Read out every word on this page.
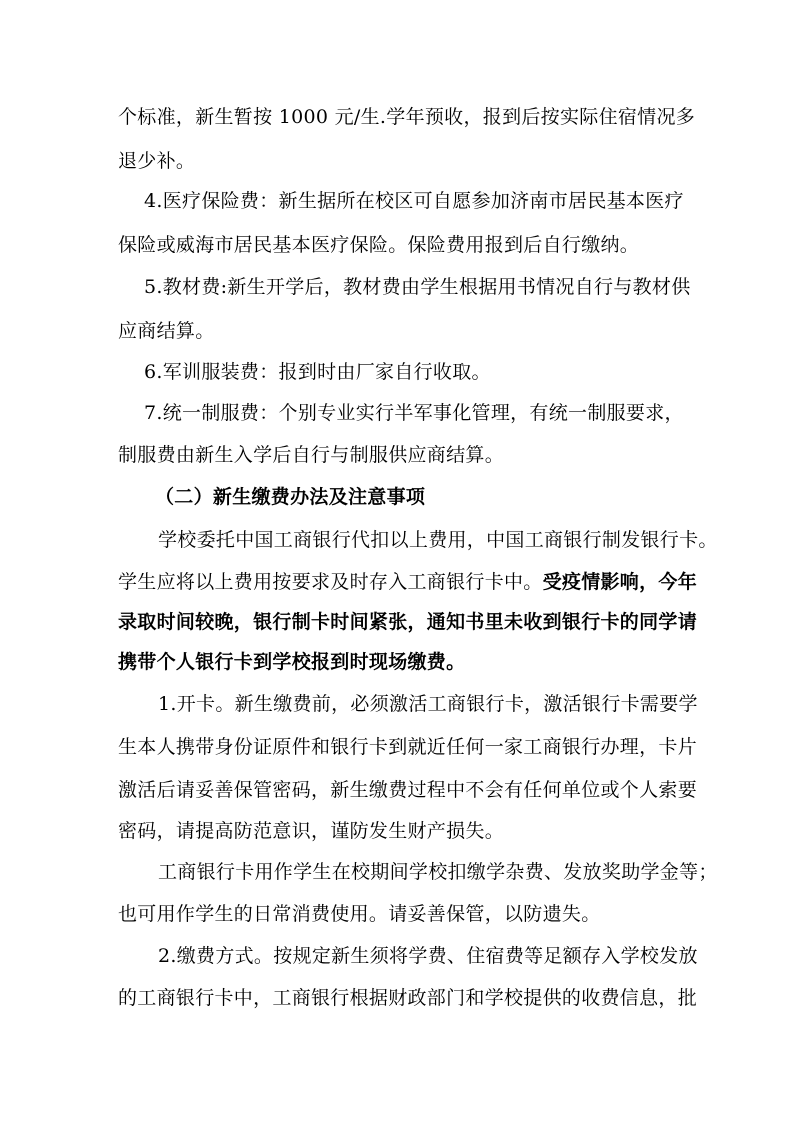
个标准，新生暂按 1000 元/生.学年预收，报到后按实际住宿情况多
退少补。
4.医疗保险费：新生据所在校区可自愿参加济南市居民基本医疗
保险或威海市居民基本医疗保险。保险费用报到后自行缴纳。
5.教材费:新生开学后，教材费由学生根据用书情况自行与教材供
应商结算。
6.军训服装费：报到时由厂家自行收取。
7.统一制服费：个别专业实行半军事化管理，有统一制服要求，
制服费由新生入学后自行与制服供应商结算。
（二）新生缴费办法及注意事项
学校委托中国工商银行代扣以上费用，中国工商银行制发银行卡。
学生应将以上费用按要求及时存入工商银行卡中。受疫情影响，今年
录取时间较晚，银行制卡时间紧张，通知书里未收到银行卡的同学请
携带个人银行卡到学校报到时现场缴费。
1.开卡。新生缴费前，必须激活工商银行卡，激活银行卡需要学
生本人携带身份证原件和银行卡到就近任何一家工商银行办理，卡片
激活后请妥善保管密码，新生缴费过程中不会有任何单位或个人索要
密码，请提高防范意识，谨防发生财产损失。
工商银行卡用作学生在校期间学校扣缴学杂费、发放奖助学金等；
也可用作学生的日常消费使用。请妥善保管，以防遗失。
2.缴费方式。按规定新生须将学费、住宿费等足额存入学校发放
的工商银行卡中，工商银行根据财政部门和学校提供的收费信息，批
